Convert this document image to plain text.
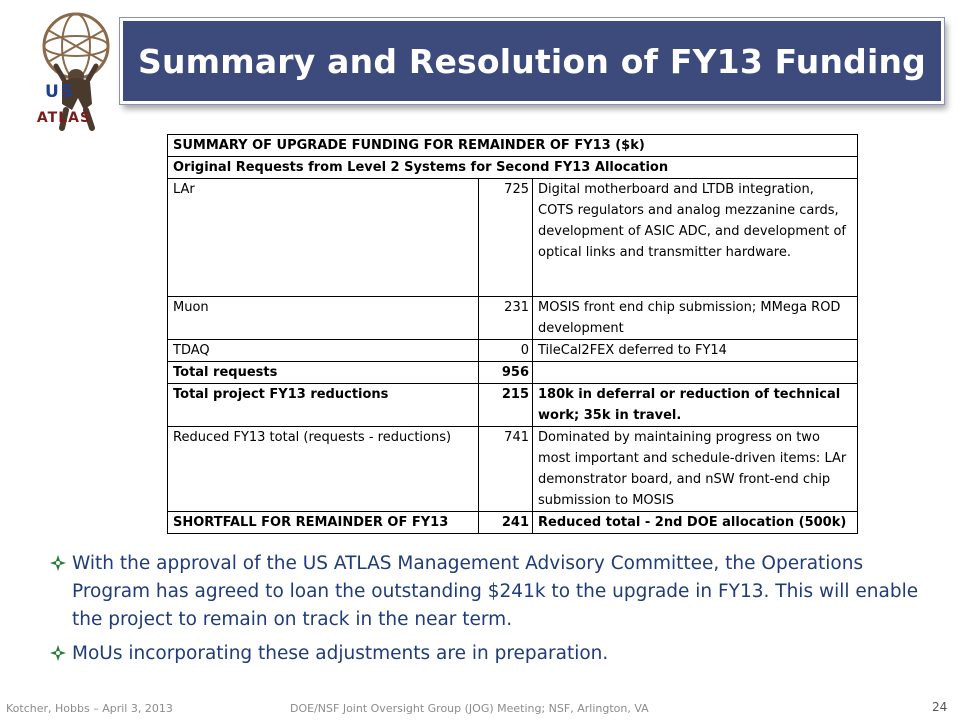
US
ATLAS
Summary and Resolution of FY13 Funding
SUMMARY OF UPGRADE FUNDING FOR REMAINDER OF FY13 ($k)		
Original Requests from Level 2 Systems for Second FY13 Allocation		
LAr	725	Digital motherboard and LTDB integration, COTS regulators and analog mezzanine cards, development of ASIC ADC, and development of optical links and transmitter hardware.
Muon	231	MOSIS front end chip submission; MMega ROD development
TDAQ	0	TileCal2FEX deferred to FY14
Total requests	956	
Total project FY13 reductions	215	180k in deferral or reduction of technical work; 35k in travel.
Reduced FY13 total (requests - reductions)	741	Dominated by maintaining progress on two most important and schedule-driven items: LAr demonstrator board, and nSW front-end chip submission to MOSIS
SHORTFALL FOR REMAINDER OF FY13	241	Reduced total - 2nd DOE allocation (500k)
With the approval of the US ATLAS Management Advisory Committee, the Operations Program has agreed to loan the outstanding $241k to the upgrade in FY13. This will enable the project to remain on track in the near term.
MoUs incorporating these adjustments are in preparation.
Kotcher, Hobbs – April 3, 2013	DOE/NSF Joint Oversight Group (JOG) Meeting; NSF, Arlington, VA	24
